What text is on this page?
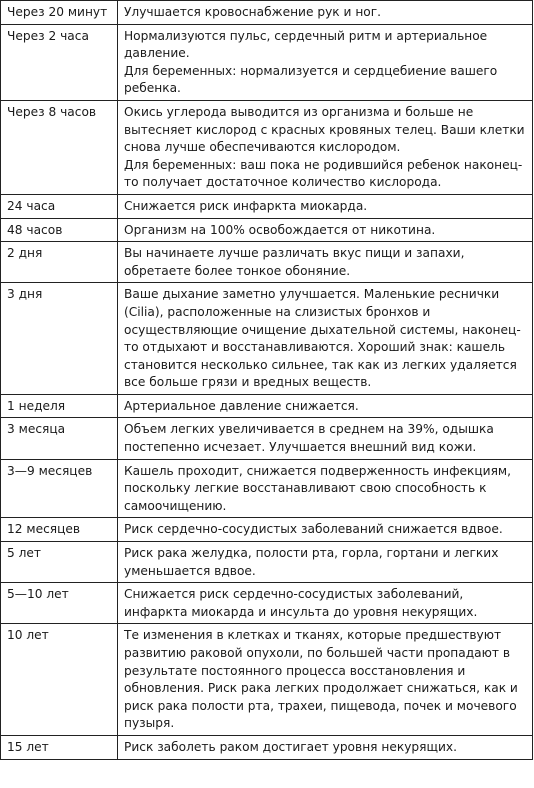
Через 20 минут	Улучшается кровоснабжение рук и ног.
Через 2 часа	Нормализуются пульс, сердечный ритм и артериальное давление.
Для беременных: нормализуется и сердцебиение вашего ребенка.
Через 8 часов	Окись углерода выводится из организма и больше не вытесняет кислород с красных кровяных телец. Ваши клетки снова лучше обеспечиваются кислородом.
Для беременных: ваш пока не родившийся ребенок наконец-то получает достаточное количество кислорода.
24 часа	Снижается риск инфаркта миокарда.
48 часов	Организм на 100% освобождается от никотина.
2 дня	Вы начинаете лучше различать вкус пищи и запахи, обретаете более тонкое обоняние.
3 дня	Ваше дыхание заметно улучшается. Маленькие реснички (Cilia), расположенные на слизистых бронхов и осуществляющие очищение дыхательной системы, наконец-то отдыхают и восстанавливаются. Хороший знак: кашель становится несколько сильнее, так как из легких удаляется все больше грязи и вредных веществ.
1 неделя	Артериальное давление снижается.
3 месяца	Объем легких увеличивается в среднем на 39%, одышка постепенно исчезает. Улучшается внешний вид кожи.
3—9 месяцев	Кашель проходит, снижается подверженность инфекциям, поскольку легкие восстанавливают свою способность к самоочищению.
12 месяцев	Риск сердечно-сосудистых заболеваний снижается вдвое.
5 лет	Риск рака желудка, полости рта, горла, гортани и легких уменьшается вдвое.
5—10 лет	Снижается риск сердечно-сосудистых заболеваний, инфаркта миокарда и инсульта до уровня некурящих.
10 лет	Те изменения в клетках и тканях, которые предшествуют развитию раковой опухоли, по большей части пропадают в результате постоянного процесса восстановления и обновления. Риск рака легких продолжает снижаться, как и риск рака полости рта, трахеи, пищевода, почек и мочевого пузыря.
15 лет	Риск заболеть раком достигает уровня некурящих.
